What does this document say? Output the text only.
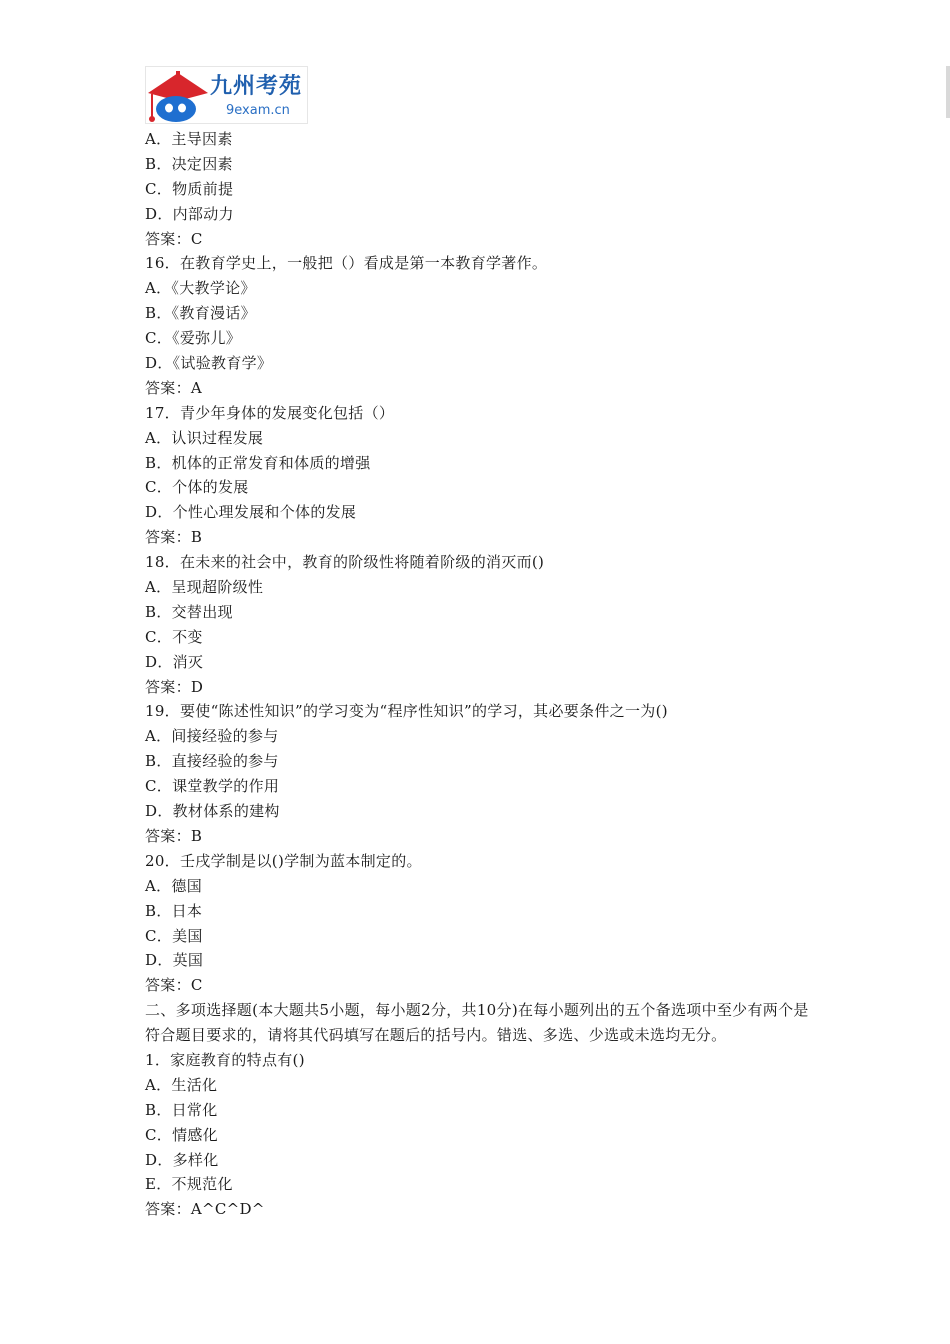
九州考苑
9exam.cn
A．主导因素
B．决定因素
C．物质前提
D．内部动力
答案：C
16．在教育学史上，一般把（）看成是第一本教育学著作。
A．《大教学论》
B．《教育漫话》
C．《爱弥儿》
D．《试验教育学》
答案：A
17．青少年身体的发展变化包括（）
A．认识过程发展
B．机体的正常发育和体质的增强
C．个体的发展
D．个性心理发展和个体的发展
答案：B
18．在未来的社会中，教育的阶级性将随着阶级的消灭而()
A．呈现超阶级性
B．交替出现
C．不变
D．消灭
答案：D
19．要使“陈述性知识”的学习变为“程序性知识”的学习，其必要条件之一为()
A．间接经验的参与
B．直接经验的参与
C．课堂教学的作用
D．教材体系的建构
答案：B
20．壬戌学制是以()学制为蓝本制定的。
A．德国
B．日本
C．美国
D．英国
答案：C
二、多项选择题(本大题共5小题，每小题2分，共10分)在每小题列出的五个备选项中至少有两个是符合题目要求的，请将其代码填写在题后的括号内。错选、多选、少选或未选均无分。
1．家庭教育的特点有()
A．生活化
B．日常化
C．情感化
D．多样化
E．不规范化
答案：A^C^D^
